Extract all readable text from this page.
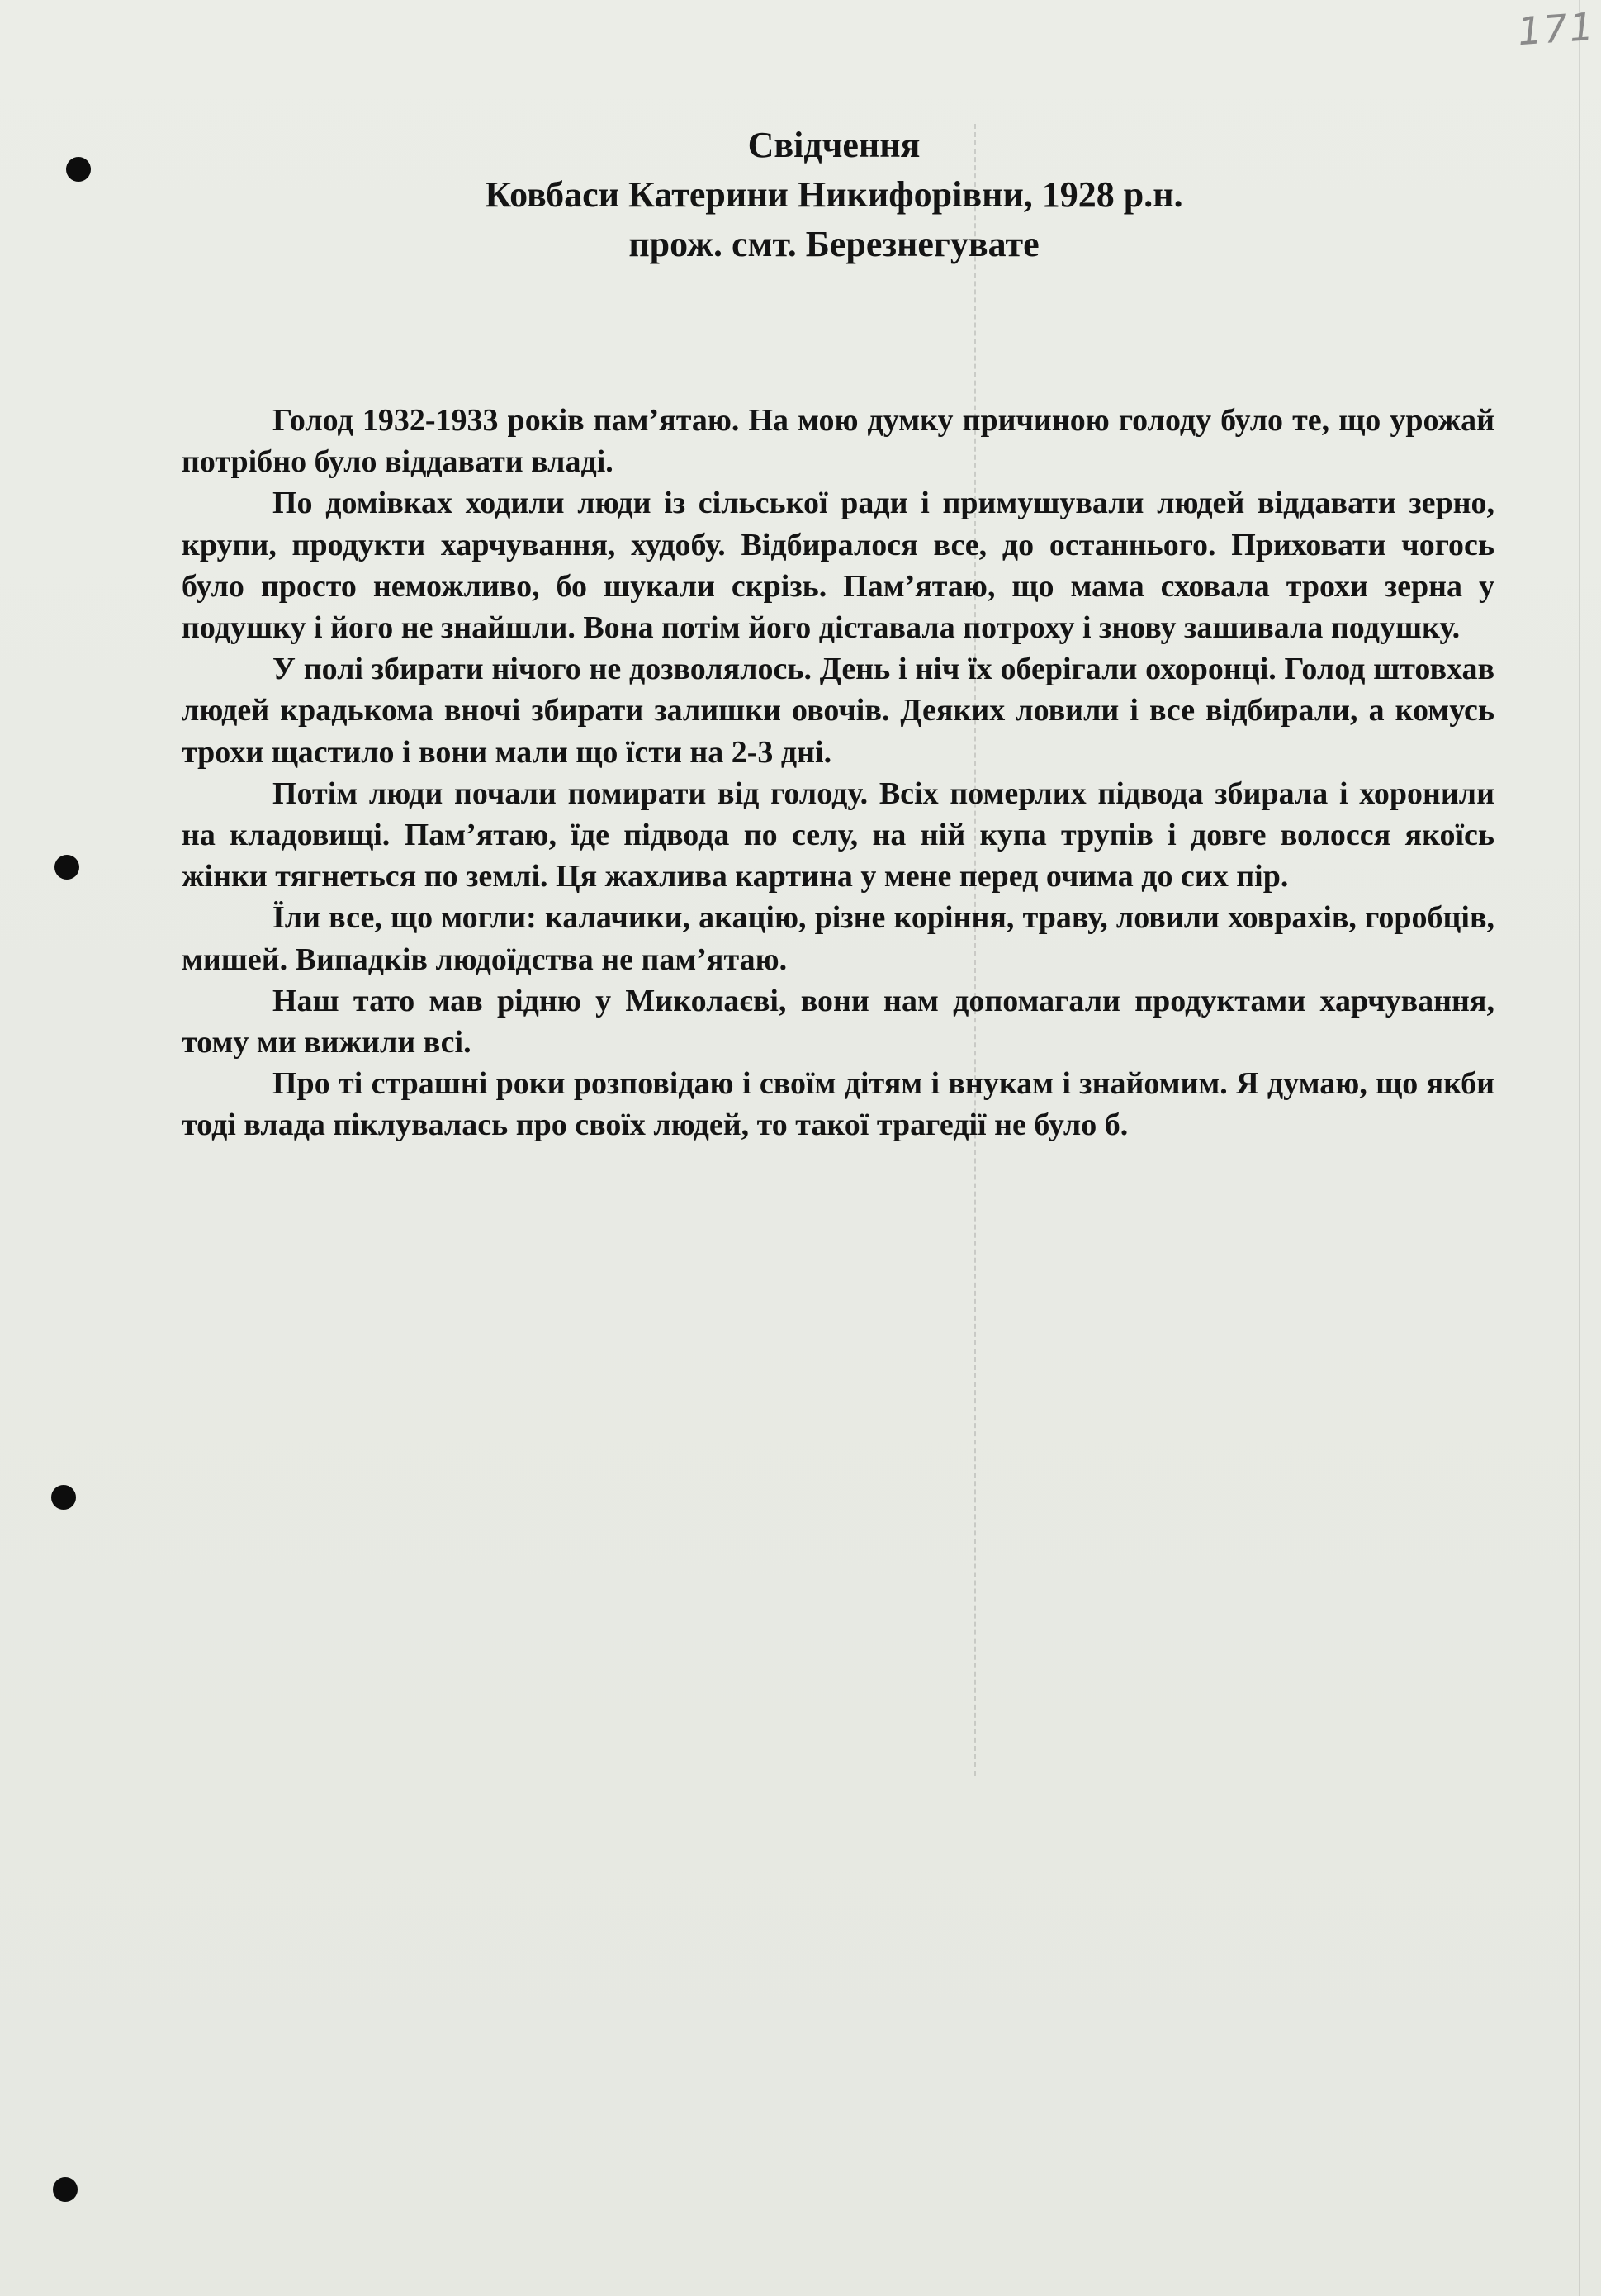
171
Свідчення
Ковбаси Катерини Никифорівни, 1928 р.н.
прож. смт. Березнегувате

Голод 1932-1933 років пам’ятаю. На мою думку причиною голоду було те, що урожай потрібно було віддавати владі.

По домівках ходили люди із сільської ради і примушували людей віддавати зерно, крупи, продукти харчування, худобу. Відбиралося все, до останнього. Приховати чогось було просто неможливо, бо шукали скрізь. Пам’ятаю, що мама сховала трохи зерна у подушку і його не знайшли. Вона потім його діставала потроху і знову зашивала подушку.

У полі збирати нічого не дозволялось. День і ніч їх оберігали охоронці. Голод штовхав людей крадькома вночі збирати залишки овочів. Деяких ловили і все відбирали, а комусь трохи щастило і вони мали що їсти на 2-3 дні.

Потім люди почали помирати від голоду. Всіх померлих підвода збирала і хоронили на кладовищі. Пам’ятаю, їде підвода по селу, на ній купа трупів і довге волосся якоїсь жінки тягнеться по землі. Ця жахлива картина у мене перед очима до сих пір.

Їли все, що могли: калачики, акацію, різне коріння, траву, ловили ховрахів, горобців, мишей. Випадків людоїдства не пам’ятаю.

Наш тато мав рідню у Миколаєві, вони нам допомагали продуктами харчування, тому ми вижили всі.

Про ті страшні роки розповідаю і своїм дітям і внукам і знайомим. Я думаю, що якби тоді влада піклувалась про своїх людей, то такої трагедії не було б.
